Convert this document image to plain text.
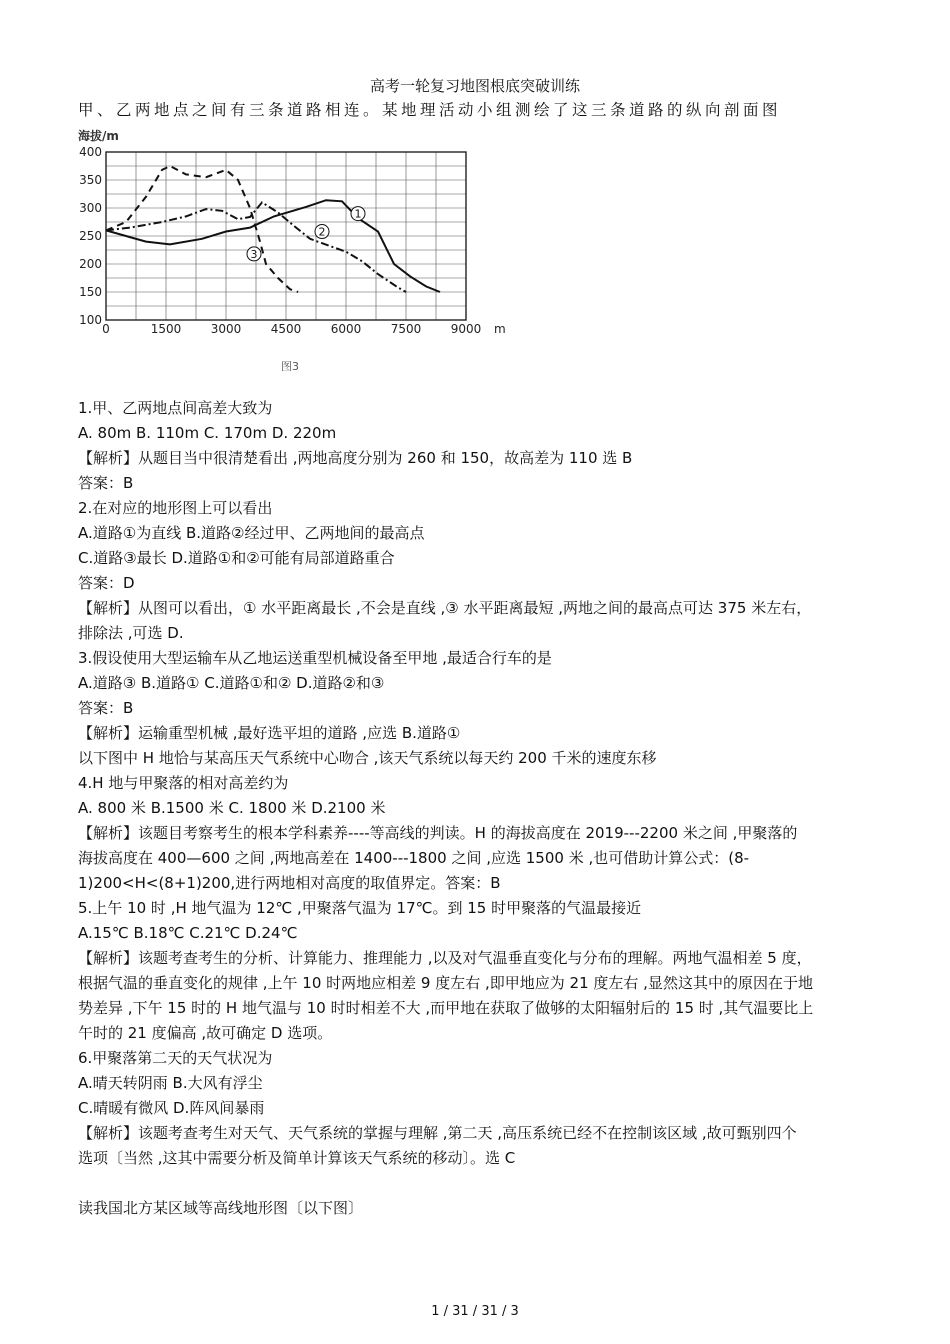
高考一轮复习地图根底突破训练
甲、乙两地点之间有三条道路相连。某地理活动小组测绘了这三条道路的纵向剖面图
海拔/m
100
150
200
250
300
350
400
0	1500 3000 4500 6000 7500 9000 m
图3
1
2
3
1.甲、乙两地点间高差大致为
A. 80m B. 110m C. 170m D. 220m
【解析】从题目当中很清楚看出 ,两地高度分别为 260 和 150，故高差为 110 选 B
答案：B
2.在对应的地形图上可以看出
A.道路①为直线 B.道路②经过甲、乙两地间的最高点
C.道路③最长 D.道路①和②可能有局部道路重合
答案：D
【解析】从图可以看出，① 水平距离最长 ,不会是直线 ,③ 水平距离最短 ,两地之间的最高点可达 375 米左右，
排除法 ,可选 D.
3.假设使用大型运输车从乙地运送重型机械设备至甲地 ,最适合行车的是
A.道路③ B.道路① C.道路①和② D.道路②和③
答案：B
【解析】运输重型机械 ,最好选平坦的道路 ,应选 B.道路①
以下图中 H 地恰与某高压天气系统中心吻合 ,该天气系统以每天约 200 千米的速度东移
4.H 地与甲聚落的相对高差约为
A. 800 米 B.1500 米 C. 1800 米 D.2100 米
【解析】该题目考察考生的根本学科素养----等高线的判读。H 的海拔高度在 2019---2200 米之间 ,甲聚落的
海拔高度在 400—600 之间 ,两地高差在 1400---1800 之间 ,应选 1500 米 ,也可借助计算公式：(8-
1)200<H<(8+1)200,进行两地相对高度的取值界定。答案：B
5.上午 10 时 ,H 地气温为 12℃ ,甲聚落气温为 17℃。到 15 时甲聚落的气温最接近
A.15℃ B.18℃ C.21℃ D.24℃
【解析】该题考查考生的分析、计算能力、推理能力 ,以及对气温垂直变化与分布的理解。两地气温相差 5 度，
根据气温的垂直变化的规律 ,上午 10 时两地应相差 9 度左右 ,即甲地应为 21 度左右 ,显然这其中的原因在于地
势差异 ,下午 15 时的 H 地气温与 10 时时相差不大 ,而甲地在获取了做够的太阳辐射后的 15 时 ,其气温要比上
午时的 21 度偏高 ,故可确定 D 选项。
6.甲聚落第二天的天气状况为
A.晴天转阴雨 B.大风有浮尘
C.晴暖有微风 D.阵风间暴雨
【解析】该题考查考生对天气、天气系统的掌握与理解 ,第二天 ,高压系统已经不在控制该区域 ,故可甄别四个
选项〔当然 ,这其中需要分析及简单计算该天气系统的移动〕。选 C
读我国北方某区域等高线地形图〔以下图〕
1 / 31 / 31 / 3
